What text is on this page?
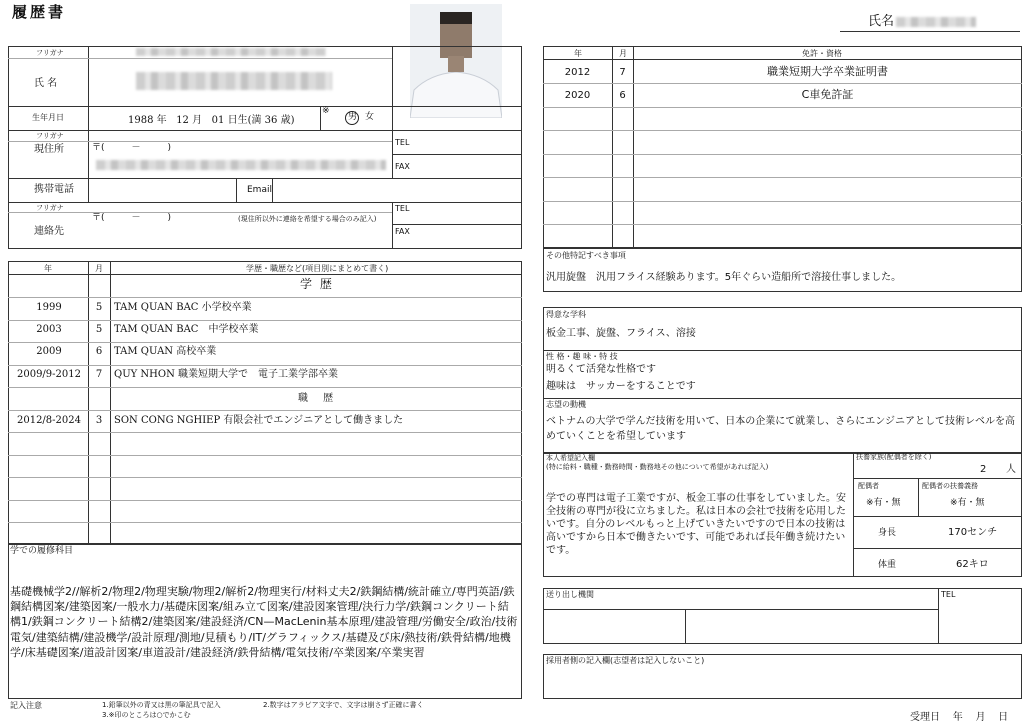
履歴書
氏名
フリガナ
氏 名
生年月日	1988 年 12 月 01 日生(満 36 歳)
※
男 女
フリガナ
現住所	〒(　　　－　　　)
TEL
FAX
携帯電話	Email
フリガナ
〒(　　　－　　　)	(現住所以外に連絡を希望する場合のみ記入)
連絡先
TEL
FAX
年	月	学歴・職歴など(項目別にまとめて書く)
学 歴
1999	5	TAM QUAN BAC 小学校卒業
2003	5	TAM QUAN BAC　中学校卒業
2009	6	TAM QUAN 高校卒業
2009/9-2012	7	QUY NHON 職業短期大学で　電子工業学部卒業
職 歴
2012/8-2024	3	SON CONG NGHIEP 有限会社でエンジニアとして働きました
学での履修科目
基礎機械学2//解析2/物理2/物理実験/物理2/解析2/物理実行/材料丈夫2/鉄鋼結構/統計確立/専門英語/鉄鋼結構図案/建築図案/一般水力/基礎床図案/組み立て図案/建設図案管理/決行力学/鉄鋼コンクリート結構1/鉄鋼コンクリート結構2/建築図案/建設経済/CN—MacLenin基本原理/建設管理/労働安全/政治/技術電気/建築結構/建設機学/設計原理/測地/見積もり/IT/グラフィックス/基礎及び床/熱技術/鉄骨結構/地機学/床基礎図案/道設計図案/車道設計/建設経済/鉄骨結構/電気技術/卒業図案/卒業実習
記入注意	1.鉛筆以外の青又は黒の筆記具で記入	2.数字はアラビア文字で、文字は崩さず正確に書く
3.※印のところは○でかこむ
年	月	免許・資格
2012	7	職業短期大学卒業証明書
2020	6	C車免許証
その他特記すべき事項
汎用旋盤　汎用フライス経験あります。5年ぐらい造船所で溶接仕事しました。
得意な学科
板金工事、旋盤、フライス、溶接
性 格・趣 味・特 技
明るくて活発な性格です
趣味は　サッカーをすることです
志望の動機
ベトナムの大学で学んだ技術を用いて、日本の企業にて就業し、さらにエンジニアとして技術レベルを高めていくことを希望しています
本人希望記入欄
(特に給料・職種・勤務時間・勤務地その他について希望があれば記入)
学での専門は電子工業ですが、板金工事の仕事をしていました。安全技術の専門が役に立ちました。私は日本の会社で技術を応用したいです。自分のレベルもっと上げていきたいですので日本の技術は高いですから日本で働きたいです、可能であれば長年働き続けたいです。
扶養家族(配偶者を除く)
2 人
配偶者
※有・無
配偶者の扶養義務
※有・無
身長	170センチ
体重	62キロ
送り出し機関	TEL
採用者側の記入欄(志望者は記入しないこと)
受理日 年 月 日
